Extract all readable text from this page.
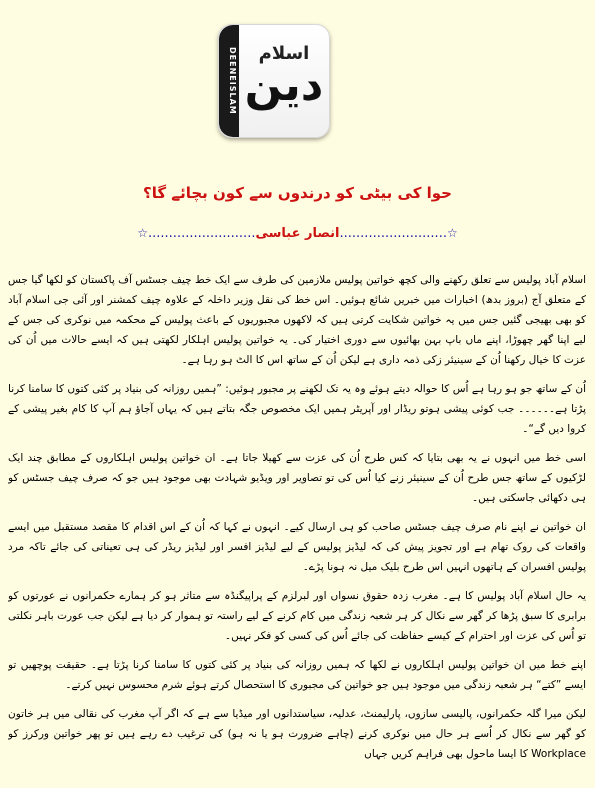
DEENEISLAM	اسلام
دین
حوا کی بیٹی کو درندوں سے کون بچائے گا؟
☆..........................انصار عباسی..........................☆

اسلام آباد پولیس سے تعلق رکھنے والی کچھ خواتین پولیس ملازمین کی طرف سے ایک خط چیف جسٹس آف پاکستان کو لکھا گیا جس کے متعلق آج (بروز بدھ) اخبارات میں خبریں شائع ہوئیں۔ اس خط کی نقل وزیر داخلہ کے علاوہ چیف کمشنر اور آئی جی اسلام آباد کو بھی بھیجی گئیں جس میں یہ خواتین شکایت کرتی ہیں کہ لاکھوں مجبوریوں کے باعث پولیس کے محکمہ میں نوکری کی جس کے لیے اپنا گھر چھوڑا، اپنے ماں باپ بہن بھائیوں سے دوری اختیار کی۔ یہ خواتین پولیس اہلکار لکھتی ہیں کہ ایسے حالات میں اُن کی عزت کا خیال رکھنا اُن کے سینیئر زکی ذمہ داری ہے لیکن اُن کے ساتھ اس کا الٹ ہو رہا ہے۔

اُن کے ساتھ جو ہو رہا ہے اُس کا حوالہ دیتے ہوئے وہ یہ تک لکھنے پر مجبور ہوئیں: ”ہمیں روزانہ کی بنیاد پر کئی کتوں کا سامنا کرنا پڑتا ہے۔۔۔۔۔۔ جب کوئی پیشی ہوتو ریڈار اور آپریٹر ہمیں ایک مخصوص جگہ بتاتے ہیں کہ یہاں آجاؤ ہم آپ کا کام بغیر پیشی کے کروا دیں گے“۔

اسی خط میں انہوں نے یہ بھی بتایا کہ کس طرح اُن کی عزت سے کھیلا جاتا ہے۔ ان خواتین پولیس اہلکاروں کے مطابق چند ایک لڑکیوں کے ساتھ جس طرح اُن کے سینیئر زنے کیا اُس کی تو تصاویر اور ویڈیو شہادت بھی موجود ہیں جو کہ صرف چیف جسٹس کو ہی دکھائی جاسکتی ہیں۔

ان خواتین نے اپنے نام صرف چیف جسٹس صاحب کو ہی ارسال کیے۔ انہوں نے کہا کہ اُن کے اس اقدام کا مقصد مستقبل میں ایسے واقعات کی روک تھام ہے اور تجویز پیش کی کہ لیڈیز پولیس کے لیے لیڈیز افسر اور لیڈیز ریڈر کی ہی تعیناتی کی جائے تاکہ مرد پولیس افسران کے ہاتھوں انہیں اس طرح بلیک میل نہ ہونا پڑے۔

یہ حال اسلام آباد پولیس کا ہے۔ مغرب زدہ حقوق نسواں اور لبرلزم کے پراپیگنڈہ سے متاثر ہو کر ہمارے حکمرانوں نے عورتوں کو برابری کا سبق پڑھا کر گھر سے نکال کر ہر شعبہ زندگی میں کام کرنے کے لیے راستہ تو ہموار کر دیا ہے لیکن جب عورت باہر نکلتی تو اُس کی عزت اور احترام کے کیسے حفاظت کی جائے اُس کی کسی کو فکر نہیں۔

اپنے خط میں ان خواتین پولیس اہلکاروں نے لکھا کہ ہمیں روزانہ کی بنیاد پر کئی کتوں کا سامنا کرنا پڑتا ہے۔ حقیقت پوچھیں تو ایسے ”کتے“ ہر شعبہ زندگی میں موجود ہیں جو خواتین کی مجبوری کا استحصال کرتے ہوئے شرم محسوس نہیں کرتے۔

لیکن میرا گلہ حکمرانوں، پالیسی سازوں، پارلیمنٹ، عدلیہ، سیاستدانوں اور میڈیا سے ہے کہ اگر آپ مغرب کی نقالی میں ہر خاتون کو گھر سے نکال کر اُسے ہر حال میں نوکری کرنے (چاہے ضرورت ہو یا نہ ہو) کی ترغیب دے رہے ہیں تو پھر خواتین ورکرز کو Workplace کا ایسا ماحول بھی فراہم کریں جہاں
